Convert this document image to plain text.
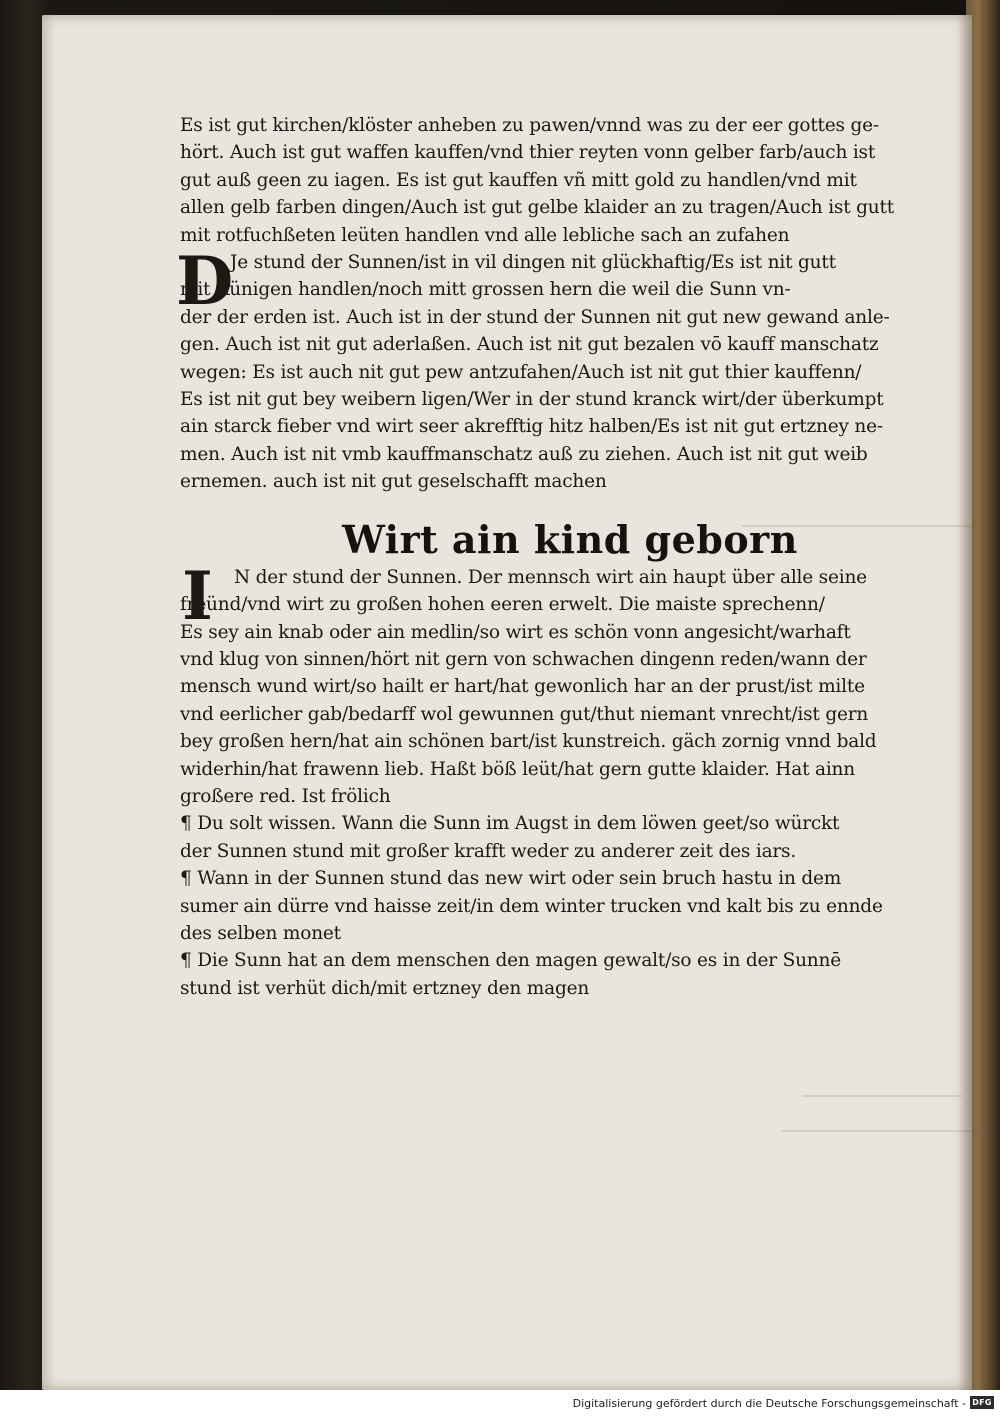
Es ist gut kirchen/klöster anheben zu pawen/vnnd was zu der eer gottes ge-
hört. Auch ist gut waffen kauffen/vnd thier reyten vonn gelber farb/auch ist
gut auß geen zu iagen. Es ist gut kauffen vñ mitt gold zu handlen/vnd mit
allen gelb farben dingen/Auch ist gut gelbe klaider an zu tragen/Auch ist gutt
mit rotfuchßeten leüten handlen vnd alle lebliche sach an zufahen
D
Je stund der Sunnen/ist in vil dingen nit glückhaftig/Es ist nit gutt
mit Künigen handlen/noch mitt grossen hern die weil die Sunn vn-
der der erden ist. Auch ist in der stund der Sunnen nit gut new gewand anle-
gen. Auch ist nit gut aderlaßen. Auch ist nit gut bezalen vō kauff manschatz
wegen: Es ist auch nit gut pew antzufahen/Auch ist nit gut thier kauffenn/
Es ist nit gut bey weibern ligen/Wer in der stund kranck wirt/der überkumpt
ain starck fieber vnd wirt seer akrefftig hitz halben/Es ist nit gut ertzney ne-
men. Auch ist nit vmb kauffmanschatz auß zu ziehen. Auch ist nit gut weib
ernemen. auch ist nit gut geselschafft machen
Wirt ain kind geborn
I	N der stund der Sunnen. Der mennsch wirt ain haupt über alle seine
freünd/vnd wirt zu großen hohen eeren erwelt. Die maiste sprechenn/
Es sey ain knab oder ain medlin/so wirt es schön vonn angesicht/warhaft
vnd klug von sinnen/hört nit gern von schwachen dingenn reden/wann der
mensch wund wirt/so hailt er hart/hat gewonlich har an der prust/ist milte
vnd eerlicher gab/bedarff wol gewunnen gut/thut niemant vnrecht/ist gern
bey großen hern/hat ain schönen bart/ist kunstreich. gäch zornig vnnd bald
widerhin/hat frawenn lieb. Haßt böß leüt/hat gern gutte klaider. Hat ainn
großere red. Ist frölich
¶ Du solt wissen. Wann die Sunn im Augst in dem löwen geet/so würckt
der Sunnen stund mit großer krafft weder zu anderer zeit des iars.
¶ Wann in der Sunnen stund das new wirt oder sein bruch hastu in dem
sumer ain dürre vnd haisse zeit/in dem winter trucken vnd kalt bis zu ennde
des selben monet
¶ Die Sunn hat an dem menschen den magen gewalt/so es in der Sunnē
stund ist verhüt dich/mit ertzney den magen
Digitalisierung gefördert durch die Deutsche Forschungsgemeinschaft - DFG
